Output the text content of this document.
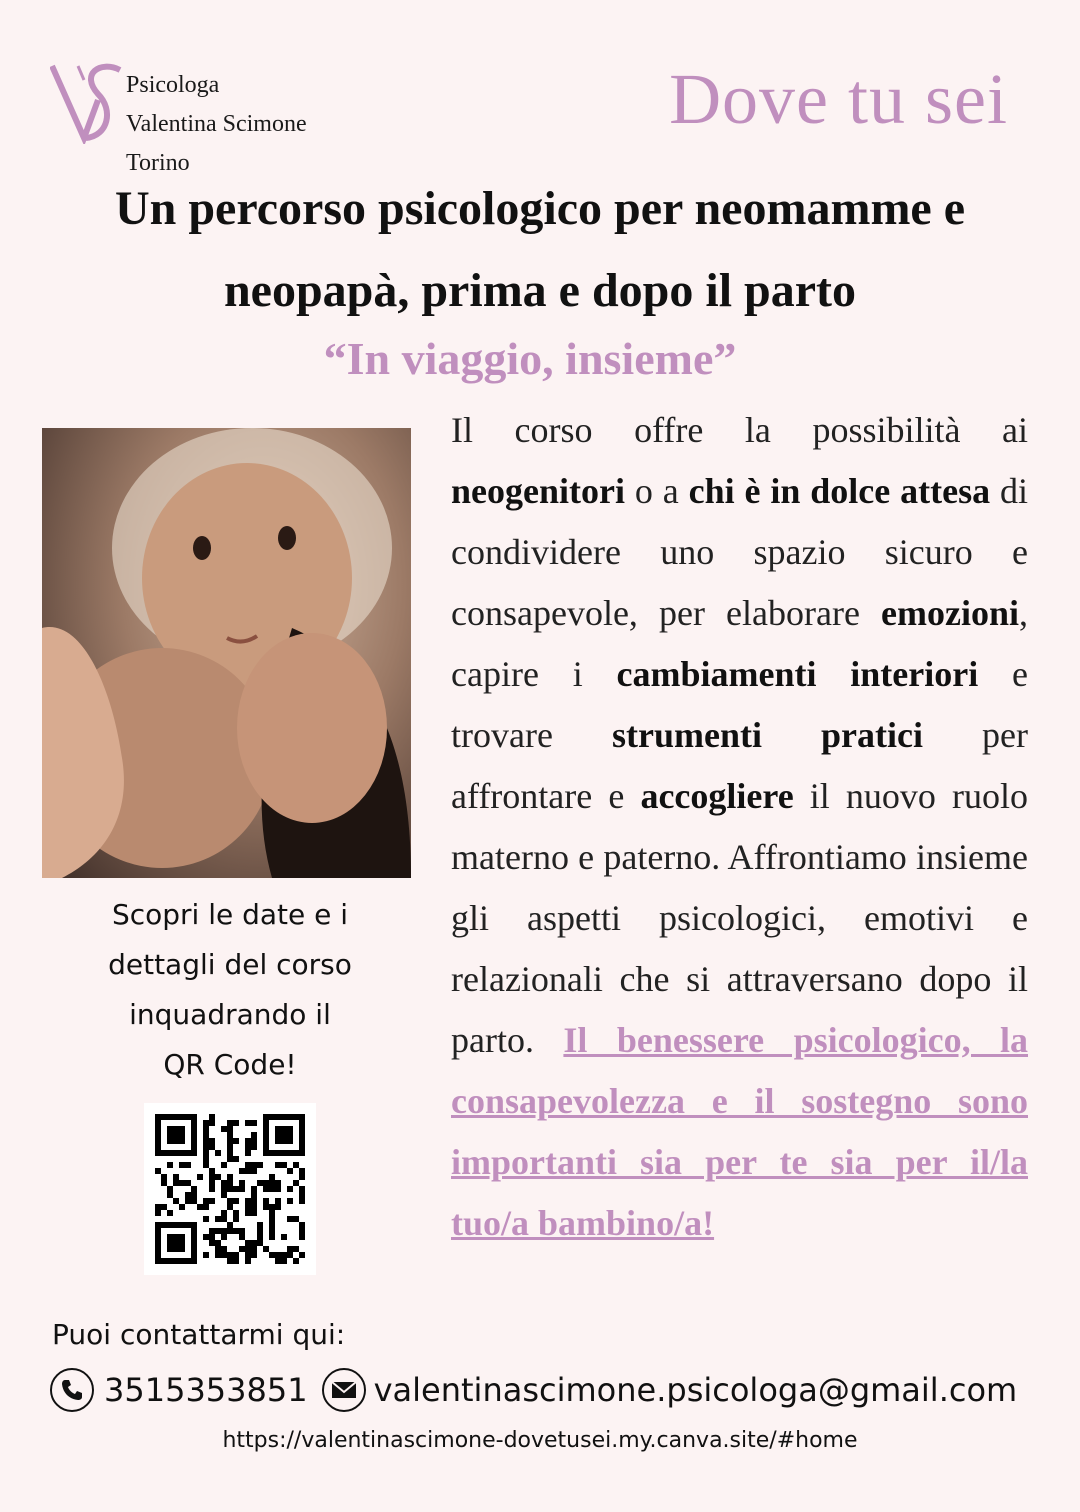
Psicologa
Valentina Scimone
Torino
Dove tu sei
Un percorso psicologico per neomamme e
neopapà, prima e dopo il parto
“In viaggio, insieme”
Scopri le date e i
dettagli del corso
inquadrando il
QR Code!
Il corso offre la possibilità ai neogenitori o a chi è in dolce attesa di condividere uno spazio sicuro e consapevole, per elaborare emozioni, capire i cambiamenti interiori e trovare strumenti pratici per affrontare e accogliere il nuovo ruolo materno e paterno. Affrontiamo insieme gli aspetti psicologici, emotivi e relazionali che si attraversano dopo il parto. Il benessere psicologico, la consapevolezza e il sostegno sono importanti sia per te sia per il/la tuo/a bambino/a!
Puoi contattarmi qui:
3515353851 valentinascimone.psicologa@gmail.com
https://valentinascimone-dovetusei.my.canva.site/#home
